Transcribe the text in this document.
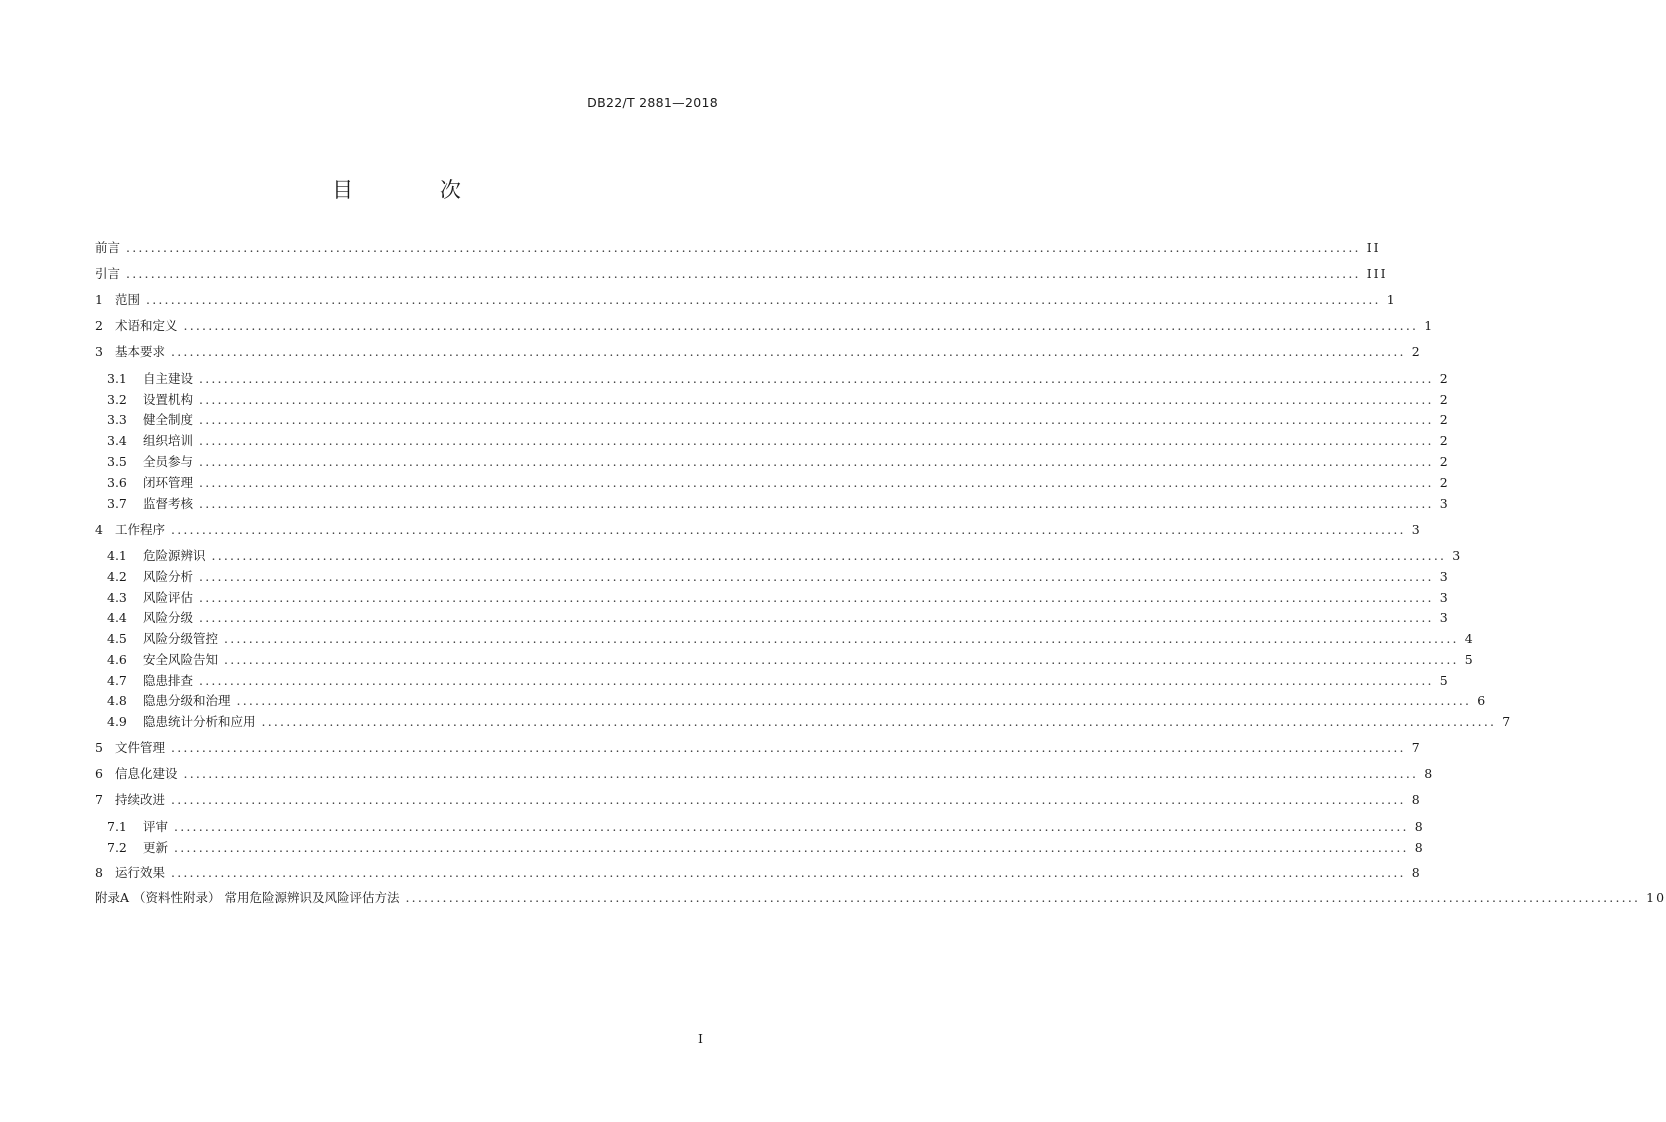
DB22/T 2881—2018
目 次
前言 ........................................................................................................................................................................................................ II
引言 ........................................................................................................................................................................................................ III
1 范围 ........................................................................................................................................................................................................ 1
2 术语和定义 ........................................................................................................................................................................................................ 1
3 基本要求 ........................................................................................................................................................................................................ 2
3.1	自主建设 ........................................................................................................................................................................................................ 2
3.2	设置机构 ........................................................................................................................................................................................................ 2
3.3	健全制度 ........................................................................................................................................................................................................ 2
3.4	组织培训 ........................................................................................................................................................................................................ 2
3.5	全员参与 ........................................................................................................................................................................................................ 2
3.6	闭环管理 ........................................................................................................................................................................................................ 2
3.7	监督考核 ........................................................................................................................................................................................................ 3
4 工作程序 ........................................................................................................................................................................................................ 3
4.1	危险源辨识 ........................................................................................................................................................................................................ 3
4.2	风险分析 ........................................................................................................................................................................................................ 3
4.3	风险评估 ........................................................................................................................................................................................................ 3
4.4	风险分级 ........................................................................................................................................................................................................ 3
4.5	风险分级管控 ........................................................................................................................................................................................................ 4
4.6	安全风险告知 ........................................................................................................................................................................................................ 5
4.7	隐患排查 ........................................................................................................................................................................................................ 5
4.8	隐患分级和治理 ........................................................................................................................................................................................................ 6
4.9	隐患统计分析和应用 ........................................................................................................................................................................................................ 7
5 文件管理 ........................................................................................................................................................................................................ 7
6 信息化建设 ........................................................................................................................................................................................................ 8
7 持续改进 ........................................................................................................................................................................................................ 8
7.1	评审 ........................................................................................................................................................................................................ 8
7.2	更新 ........................................................................................................................................................................................................ 8
8 运行效果 ........................................................................................................................................................................................................ 8
附录A （资料性附录） 常用危险源辨识及风险评估方法 ........................................................................................................................................................................................................ 10
I
